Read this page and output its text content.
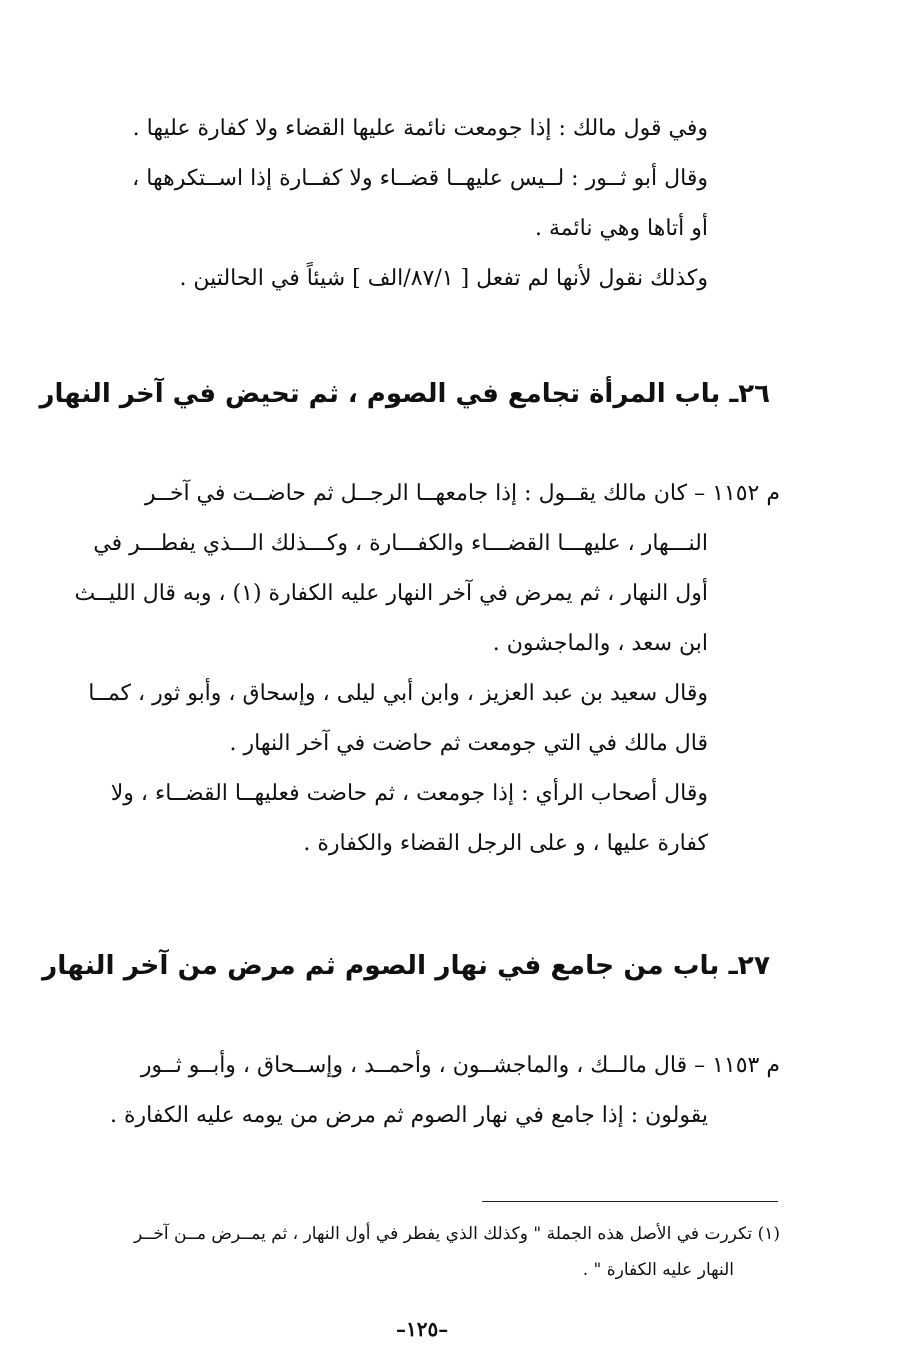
وفي قول مالك : إذا جومعت نائمة عليها القضاء ولا كفارة عليها .
وقال أبو ثــور : لــيس عليهــا قضــاء ولا كفــارة إذا اســتكرهها ،
أو أتاها وهي نائمة .
وكذلك نقول لأنها لم تفعل [ ٨٧/١/الف ] شيئاً في الحالتين .
٢٦ـ باب المرأة تجامع في الصوم ، ثم تحيض في آخر النهار
م ١١٥٢ – كان مالك يقــول : إذا جامعهــا الرجــل ثم حاضــت في آخــر
النـــهار ، عليهـــا القضـــاء والكفـــارة ، وكـــذلك الـــذي يفطـــر في
أول النهار ، ثم يمرض في آخر النهار عليه الكفارة (١) ، وبه قال الليــث
ابن سعد ، والماجشون .
وقال سعيد بن عبد العزيز ، وابن أبي ليلى ، وإسحاق ، وأبو ثور ، كمــا
قال مالك في التي جومعت ثم حاضت في آخر النهار .
وقال أصحاب الرأي : إذا جومعت ، ثم حاضت فعليهــا القضــاء ، ولا
كفارة عليها ، و على الرجل القضاء والكفارة .
٢٧ـ باب من جامع في نهار الصوم ثم مرض من آخر النهار
م ١١٥٣ – قال مالــك ، والماجشــون ، وأحمــد ، وإســحاق ، وأبــو ثــور
يقولون : إذا جامع في نهار الصوم ثم مرض من يومه عليه الكفارة .
(١) تكررت في الأصل هذه الجملة " وكذلك الذي يفطر في أول النهار ، ثم يمــرض مــن آخــر
النهار عليه الكفارة " .
–١٢٥–
